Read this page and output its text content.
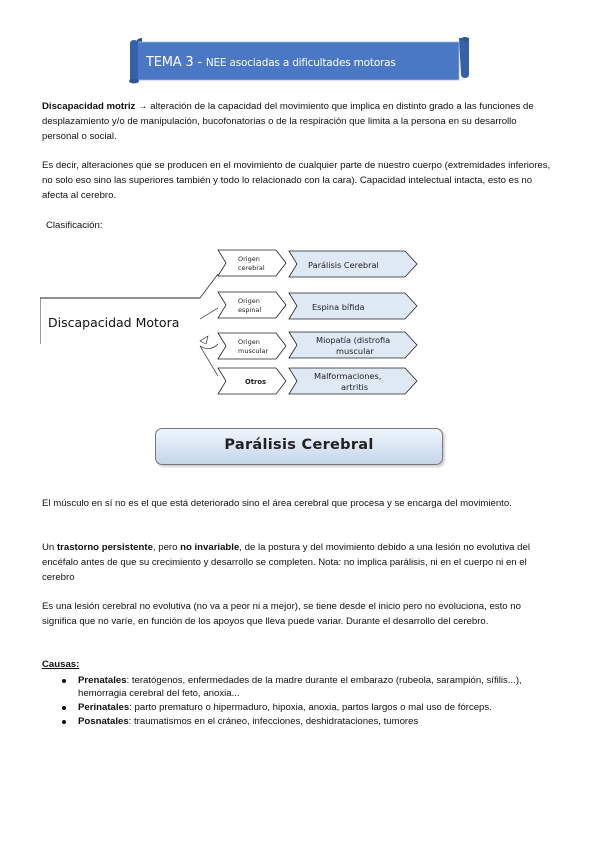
TEMA 3 - NEE asociadas a dificultades motoras

Discapacidad motriz → alteración de la capacidad del movimiento que implica en distinto grado a las funciones de desplazamiento y/o de manipulación, bucofonatorias o de la respiración que limita a la persona en su desarrollo personal o social.

Es decir, alteraciones que se producen en el movimiento de cualquier parte de nuestro cuerpo (extremidades inferiores, no solo eso sino las superiores también y todo lo relacionado con la cara). Capacidad intelectual intacta, esto es no afecta al cerebro.

Clasificación:

Discapacidad Motora
Origen
cerebral
Origen
espinal
Origen
muscular
Otros
Parálisis Cerebral
Espina bífida
Miopatía (distrofia
muscular
Malformaciones,
artritis
Parálisis Cerebral

El músculo en sí no es el que está deteriorado sino el área cerebral que procesa y se encarga del movimiento.

Un trastorno persistente, pero no invariable, de la postura y del movimiento debido a una lesión no evolutiva del encéfalo antes de que su crecimiento y desarrollo se completen. Nota: no implica parálisis, ni en el cuerpo ni en el cerebro

Es una lesión cerebral no evolutiva (no va a peor ni a mejor), se tiene desde el inicio pero no evoluciona, esto no significa que no varíe, en función de los apoyos que lleva puede variar. Durante el desarrollo del cerebro.

Causas:

Prenatales: teratógenos, enfermedades de la madre durante el embarazo (rubeola, sarampión, sífilis...), hemorragia cerebral del feto, anoxia...
Perinatales: parto prematuro o hipermaduro, hipoxia, anoxia, partos largos o mal uso de fórceps.
Posnatales: traumatismos en el cráneo, infecciones, deshidrataciones, tumores
